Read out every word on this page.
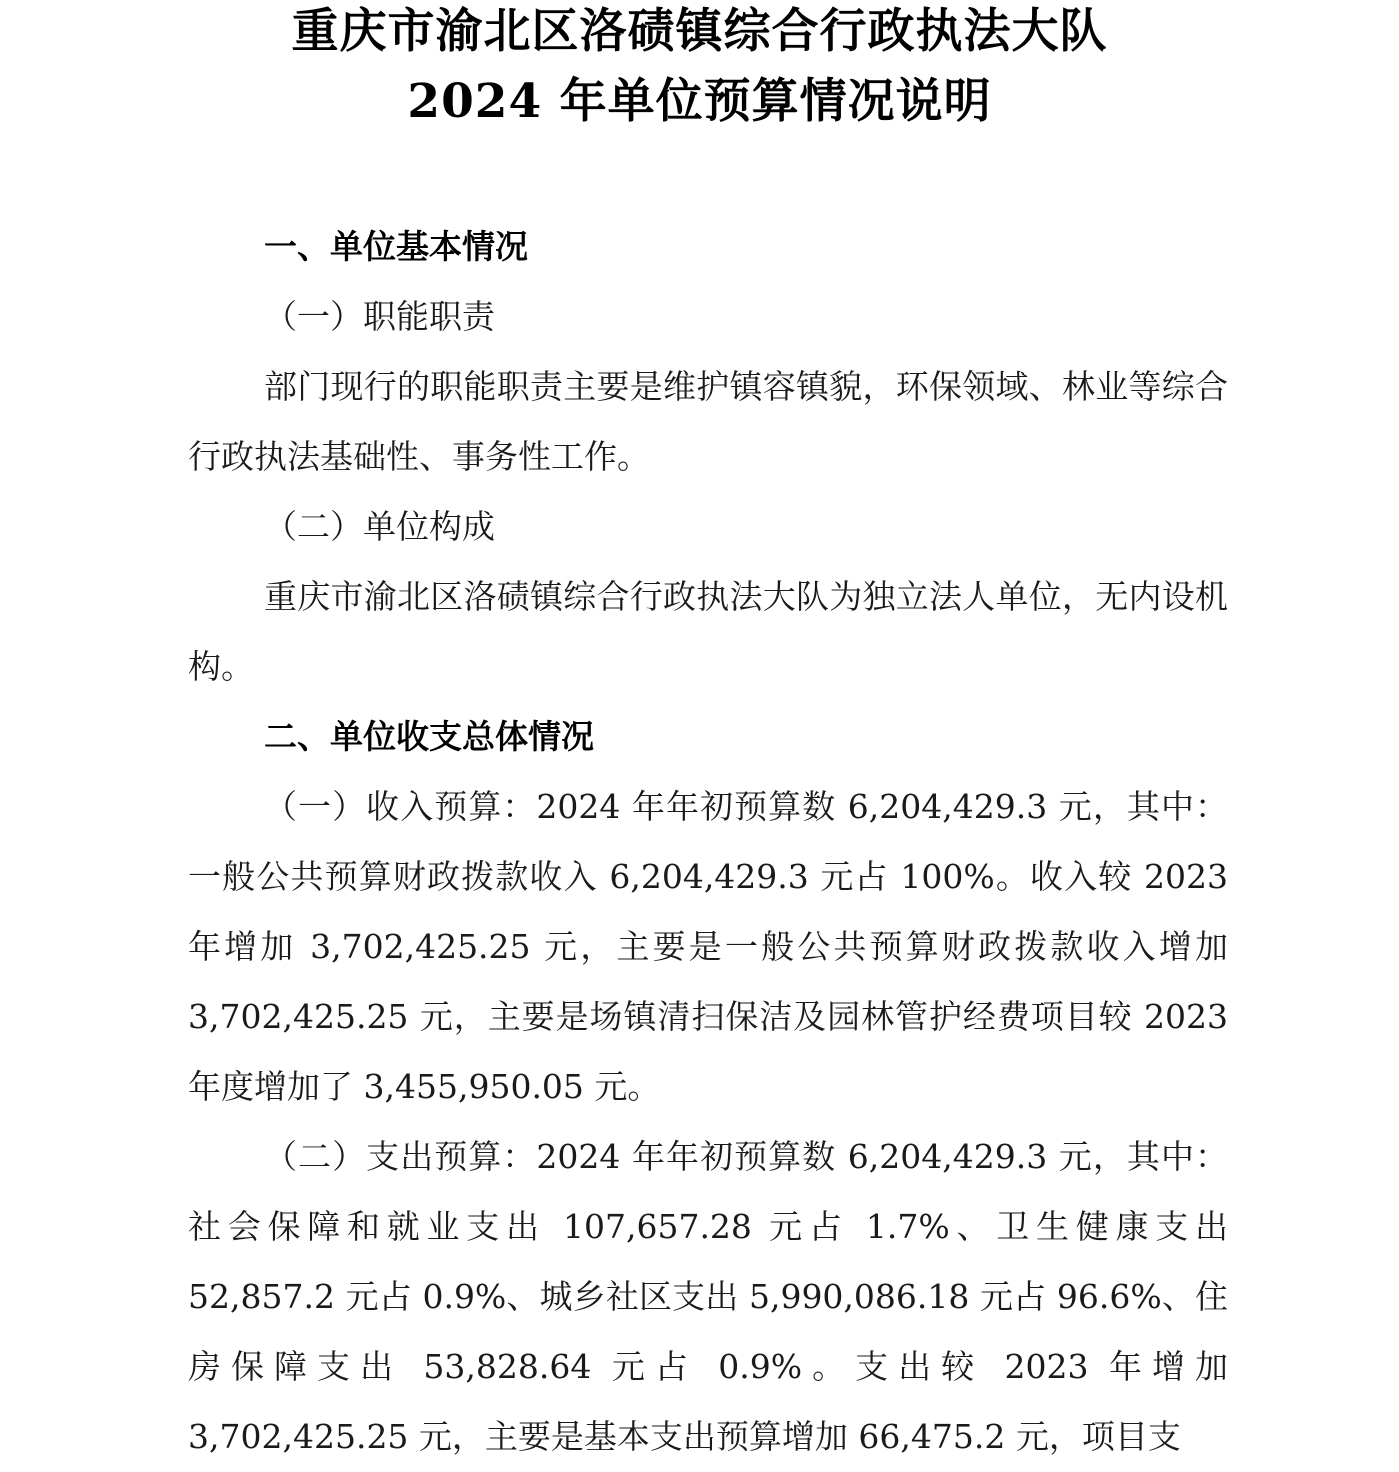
重庆市渝北区洛碛镇综合行政执法大队
2024 年单位预算情况说明

一、单位基本情况

（一）职能职责

部门现行的职能职责主要是维护镇容镇貌，环保领域、林业等综合行政执法基础性、事务性工作。

（二）单位构成

重庆市渝北区洛碛镇综合行政执法大队为独立法人单位，无内设机构。

二、单位收支总体情况

（一）收入预算：2024 年年初预算数 6,204,429.3 元，其中：一般公共预算财政拨款收入 6,204,429.3 元占 100%。收入较 2023 年增加 3,702,425.25 元，主要是一般公共预算财政拨款收入增加 3,702,425.25 元，主要是场镇清扫保洁及园林管护经费项目较 2023 年度增加了 3,455,950.05 元。

（二）支出预算：2024 年年初预算数 6,204,429.3 元，其中：社会保障和就业支出 107,657.28 元占 1.7%、卫生健康支出 52,857.2 元占 0.9%、城乡社区支出 5,990,086.18 元占 96.6%、住房保障支出 53,828.64 元占 0.9%。支出较 2023 年增加 3,702,425.25 元，主要是基本支出预算增加 66,475.2 元，项目支
